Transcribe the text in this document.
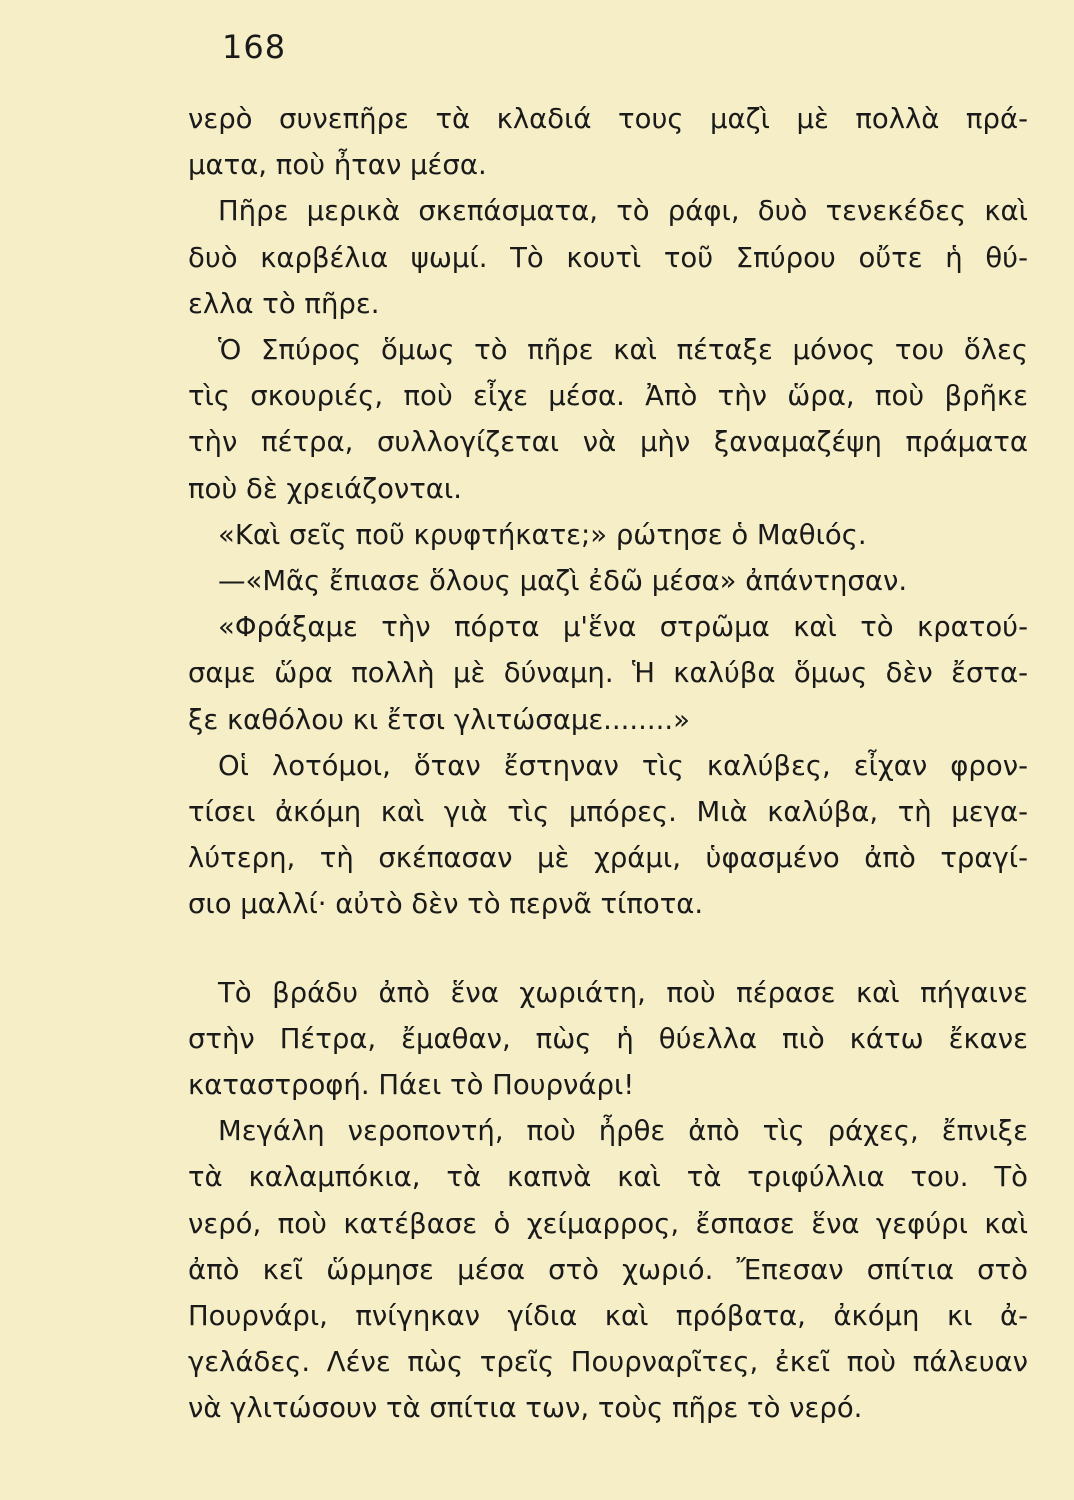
168
νερὸ συνεπῆρε τὰ κλαδιά τους μαζὶ μὲ πολλὰ πρά-
ματα, ποὺ ἦταν μέσα.
Πῆρε μερικὰ σκεπάσματα, τὸ ράφι, δυὸ τενεκέδες καὶ
δυὸ καρβέλια ψωμί. Τὸ κουτὶ τοῦ Σπύρου οὔτε ἡ θύ-
ελλα τὸ πῆρε.
Ὁ Σπύρος ὅμως τὸ πῆρε καὶ πέταξε μόνος του ὅλες
τὶς σκουριές, ποὺ εἶχε μέσα. Ἀπὸ τὴν ὥρα, ποὺ βρῆκε
τὴν πέτρα, συλλογίζεται νὰ μὴν ξαναμαζέψη πράματα
ποὺ δὲ χρειάζονται.
«Καὶ σεῖς ποῦ κρυφτήκατε;» ρώτησε ὁ Μαθιός.
—«Μᾶς ἔπιασε ὅλους μαζὶ ἐδῶ μέσα» ἀπάντησαν.
«Φράξαμε τὴν πόρτα μ'ἕνα στρῶμα καὶ τὸ κρατού-
σαμε ὥρα πολλὴ μὲ δύναμη. Ἡ καλύβα ὅμως δὲν ἔστα-
ξε καθόλου κι ἔτσι γλιτώσαμε........»
Οἱ λοτόμοι, ὅταν ἔστηναν τὶς καλύβες, εἶχαν φρον-
τίσει ἀκόμη καὶ γιὰ τὶς μπόρες. Μιὰ καλύβα, τὴ μεγα-
λύτερη, τὴ σκέπασαν μὲ χράμι, ὑφασμένο ἀπὸ τραγί-
σιο μαλλί· αὐτὸ δὲν τὸ περνᾶ τίποτα.
Τὸ βράδυ ἀπὸ ἕνα χωριάτη, ποὺ πέρασε καὶ πήγαινε
στὴν Πέτρα, ἔμαθαν, πὼς ἡ θύελλα πιὸ κάτω ἔκανε
καταστροφή. Πάει τὸ Πουρνάρι!
Μεγάλη νεροποντή, ποὺ ἦρθε ἀπὸ τὶς ράχες, ἔπνιξε
τὰ καλαμπόκια, τὰ καπνὰ καὶ τὰ τριφύλλια του. Τὸ
νερό, ποὺ κατέβασε ὁ χείμαρρος, ἔσπασε ἕνα γεφύρι καὶ
ἀπὸ κεῖ ὥρμησε μέσα στὸ χωριό. Ἔπεσαν σπίτια στὸ
Πουρνάρι, πνίγηκαν γίδια καὶ πρόβατα, ἀκόμη κι ἀ-
γελάδες. Λένε πὼς τρεῖς Πουρναρῖτες, ἐκεῖ ποὺ πάλευαν
νὰ γλιτώσουν τὰ σπίτια των, τοὺς πῆρε τὸ νερό.
